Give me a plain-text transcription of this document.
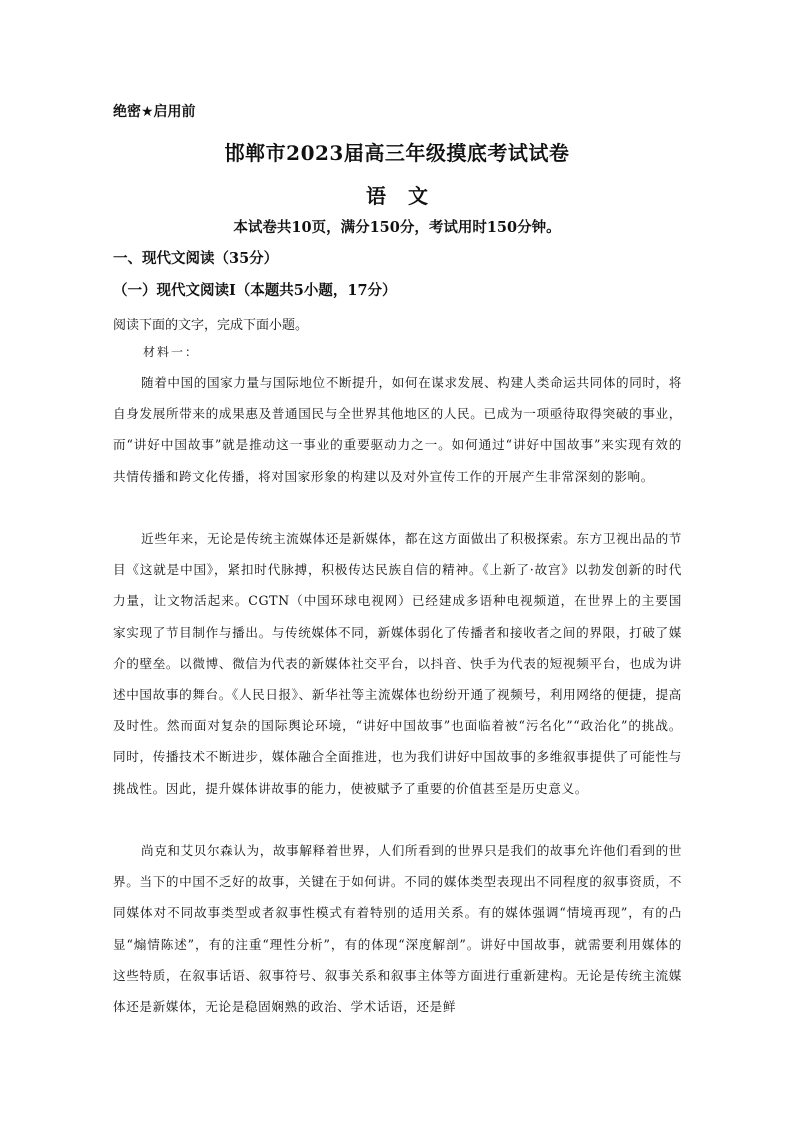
绝密★启用前
邯郸市2023届高三年级摸底考试试卷
语文
本试卷共10页，满分150分，考试用时150分钟。
一、现代文阅读（35分）
（一）现代文阅读Ⅰ（本题共5小题，17分）
阅读下面的文字，完成下面小题。
材料一：

随着中国的国家力量与国际地位不断提升，如何在谋求发展、构建人类命运共同体的同时，将自身发展所带来的成果惠及普通国民与全世界其他地区的人民。已成为一项亟待取得突破的事业，而“讲好中国故事”就是推动这一事业的重要驱动力之一。如何通过“讲好中国故事”来实现有效的共情传播和跨文化传播，将对国家形象的构建以及对外宣传工作的开展产生非常深刻的影响。

近些年来，无论是传统主流媒体还是新媒体，都在这方面做出了积极探索。东方卫视出品的节目《这就是中国》，紧扣时代脉搏，积极传达民族自信的精神。《上新了·故宫》以勃发创新的时代力量，让文物活起来。CGTN（中国环球电视网）已经建成多语种电视频道，在世界上的主要国家实现了节目制作与播出。与传统媒体不同，新媒体弱化了传播者和接收者之间的界限，打破了媒介的壁垒。以微博、微信为代表的新媒体社交平台，以抖音、快手为代表的短视频平台，也成为讲述中国故事的舞台。《人民日报》、新华社等主流媒体也纷纷开通了视频号，利用网络的便捷，提高及时性。然而面对复杂的国际舆论环境，“讲好中国故事”也面临着被“污名化”“政治化”的挑战。同时，传播技术不断进步，媒体融合全面推进，也为我们讲好中国故事的多维叙事提供了可能性与挑战性。因此，提升媒体讲故事的能力，使被赋予了重要的价值甚至是历史意义。

尚克和艾贝尔森认为，故事解释着世界，人们所看到的世界只是我们的故事允许他们看到的世界。当下的中国不乏好的故事，关键在于如何讲。不同的媒体类型表现出不同程度的叙事资质，不同媒体对不同故事类型或者叙事性模式有着特别的适用关系。有的媒体强调“情境再现”，有的凸显“煽情陈述”，有的注重“理性分析”，有的体现“深度解剖”。讲好中国故事，就需要利用媒体的这些特质，在叙事话语、叙事符号、叙事关系和叙事主体等方面进行重新建构。无论是传统主流媒体还是新媒体，无论是稳固娴熟的政治、学术话语，还是鲜
